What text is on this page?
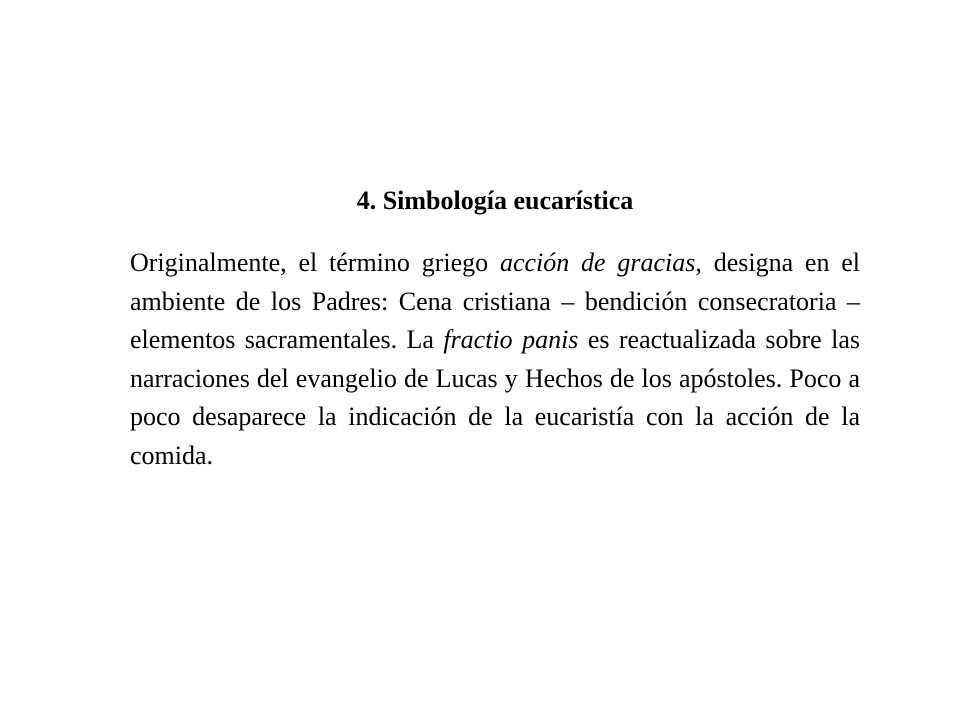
4. Simbología eucarística

Originalmente, el término griego acción de gracias, designa en el ambiente de los Padres: Cena cristiana – bendición consecratoria – elementos sacramentales. La fractio panis es reactualizada sobre las narraciones del evangelio de Lucas y Hechos de los apóstoles. Poco a poco desaparece la indicación de la eucaristía con la acción de la comida.
